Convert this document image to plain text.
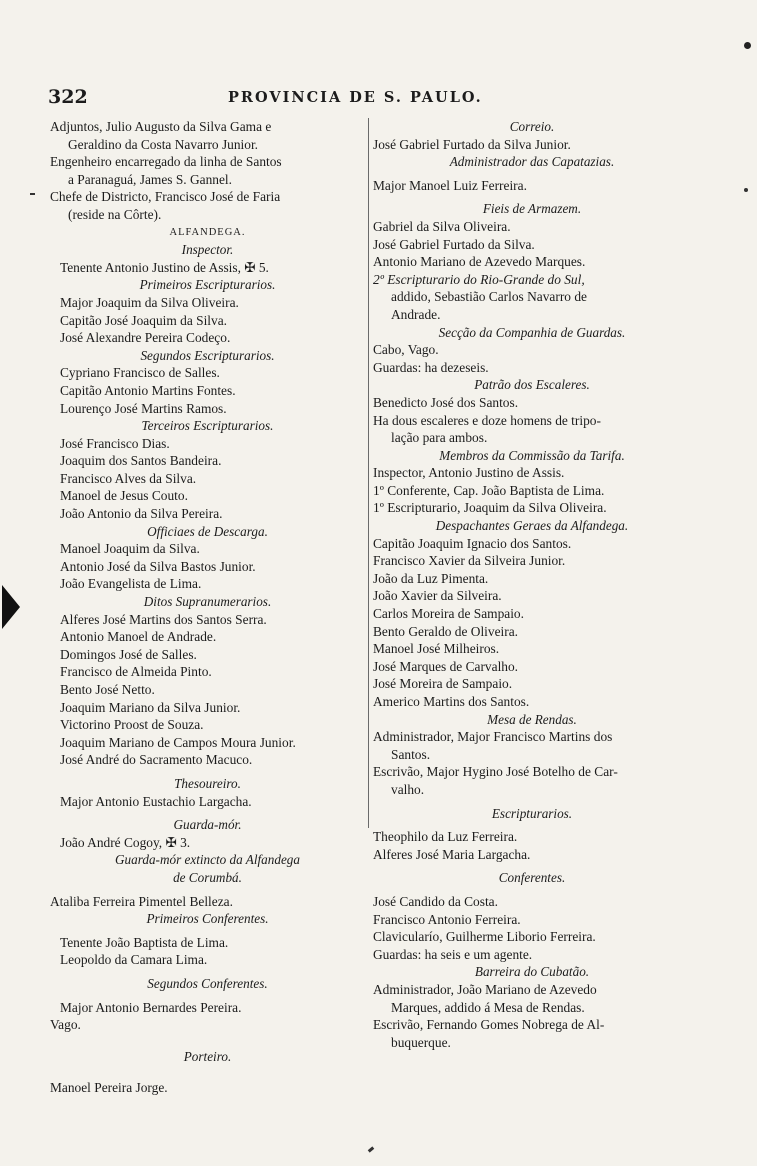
322	PROVINCIA DE S. PAULO.
Adjuntos, Julio Augusto da Silva Gama e
Geraldino da Costa Navarro Junior.
Engenheiro encarregado da linha de Santos
a Paranaguá, James S. Gannel.
Chefe de Districto, Francisco José de Faria
(reside na Côrte).
ALFANDEGA.
Inspector.
Tenente Antonio Justino de Assis, ✠ 5.
Primeiros Escripturarios.
Major Joaquim da Silva Oliveira.
Capitão José Joaquim da Silva.
José Alexandre Pereira Codeço.
Segundos Escripturarios.
Cypriano Francisco de Salles.
Capitão Antonio Martins Fontes.
Lourenço José Martins Ramos.
Terceiros Escripturarios.
José Francisco Dias.
Joaquim dos Santos Bandeira.
Francisco Alves da Silva.
Manoel de Jesus Couto.
João Antonio da Silva Pereira.
Officiaes de Descarga.
Manoel Joaquim da Silva.
Antonio José da Silva Bastos Junior.
João Evangelista de Lima.
Ditos Supranumerarios.
Alferes José Martins dos Santos Serra.
Antonio Manoel de Andrade.
Domingos José de Salles.
Francisco de Almeida Pinto.
Bento José Netto.
Joaquim Mariano da Silva Junior.
Victorino Proost de Souza.
Joaquim Mariano de Campos Moura Junior.
José André do Sacramento Macuco.
Thesoureiro.
Major Antonio Eustachio Largacha.
Guarda-mór.
João André Cogoy, ✠ 3.
Guarda-mór extincto da Alfandega
de Corumbá.
Ataliba Ferreira Pimentel Belleza.
Primeiros Conferentes.
Tenente João Baptista de Lima.
Leopoldo da Camara Lima.
Segundos Conferentes.
Major Antonio Bernardes Pereira.
Vago.
Porteiro.
Manoel Pereira Jorge.
Correio.
José Gabriel Furtado da Silva Junior.
Administrador das Capatazias.
Major Manoel Luiz Ferreira.
Fieis de Armazem.
Gabriel da Silva Oliveira.
José Gabriel Furtado da Silva.
Antonio Mariano de Azevedo Marques.
2º Escripturario do Rio-Grande do Sul,
addido, Sebastião Carlos Navarro de
Andrade.
Secção da Companhia de Guardas.
Cabo, Vago.
Guardas: ha dezeseis.
Patrão dos Escaleres.
Benedicto José dos Santos.
Ha dous escaleres e doze homens de tripo-
lação para ambos.
Membros da Commissão da Tarifa.
Inspector, Antonio Justino de Assis.
1º Conferente, Cap. João Baptista de Lima.
1º Escripturario, Joaquim da Silva Oliveira.
Despachantes Geraes da Alfandega.
Capitão Joaquim Ignacio dos Santos.
Francisco Xavier da Silveira Junior.
João da Luz Pimenta.
João Xavier da Silveira.
Carlos Moreira de Sampaio.
Bento Geraldo de Oliveira.
Manoel José Milheiros.
José Marques de Carvalho.
José Moreira de Sampaio.
Americo Martins dos Santos.
Mesa de Rendas.
Administrador, Major Francisco Martins dos
Santos.
Escrivão, Major Hygino José Botelho de Car-
valho.
Escripturarios.
Theophilo da Luz Ferreira.
Alferes José Maria Largacha.
Conferentes.
José Candido da Costa.
Francisco Antonio Ferreira.
Clavicularío, Guilherme Liborio Ferreira.
Guardas: ha seis e um agente.
Barreira do Cubatão.
Administrador, João Mariano de Azevedo
Marques, addido á Mesa de Rendas.
Escrivão, Fernando Gomes Nobrega de Al-
buquerque.
